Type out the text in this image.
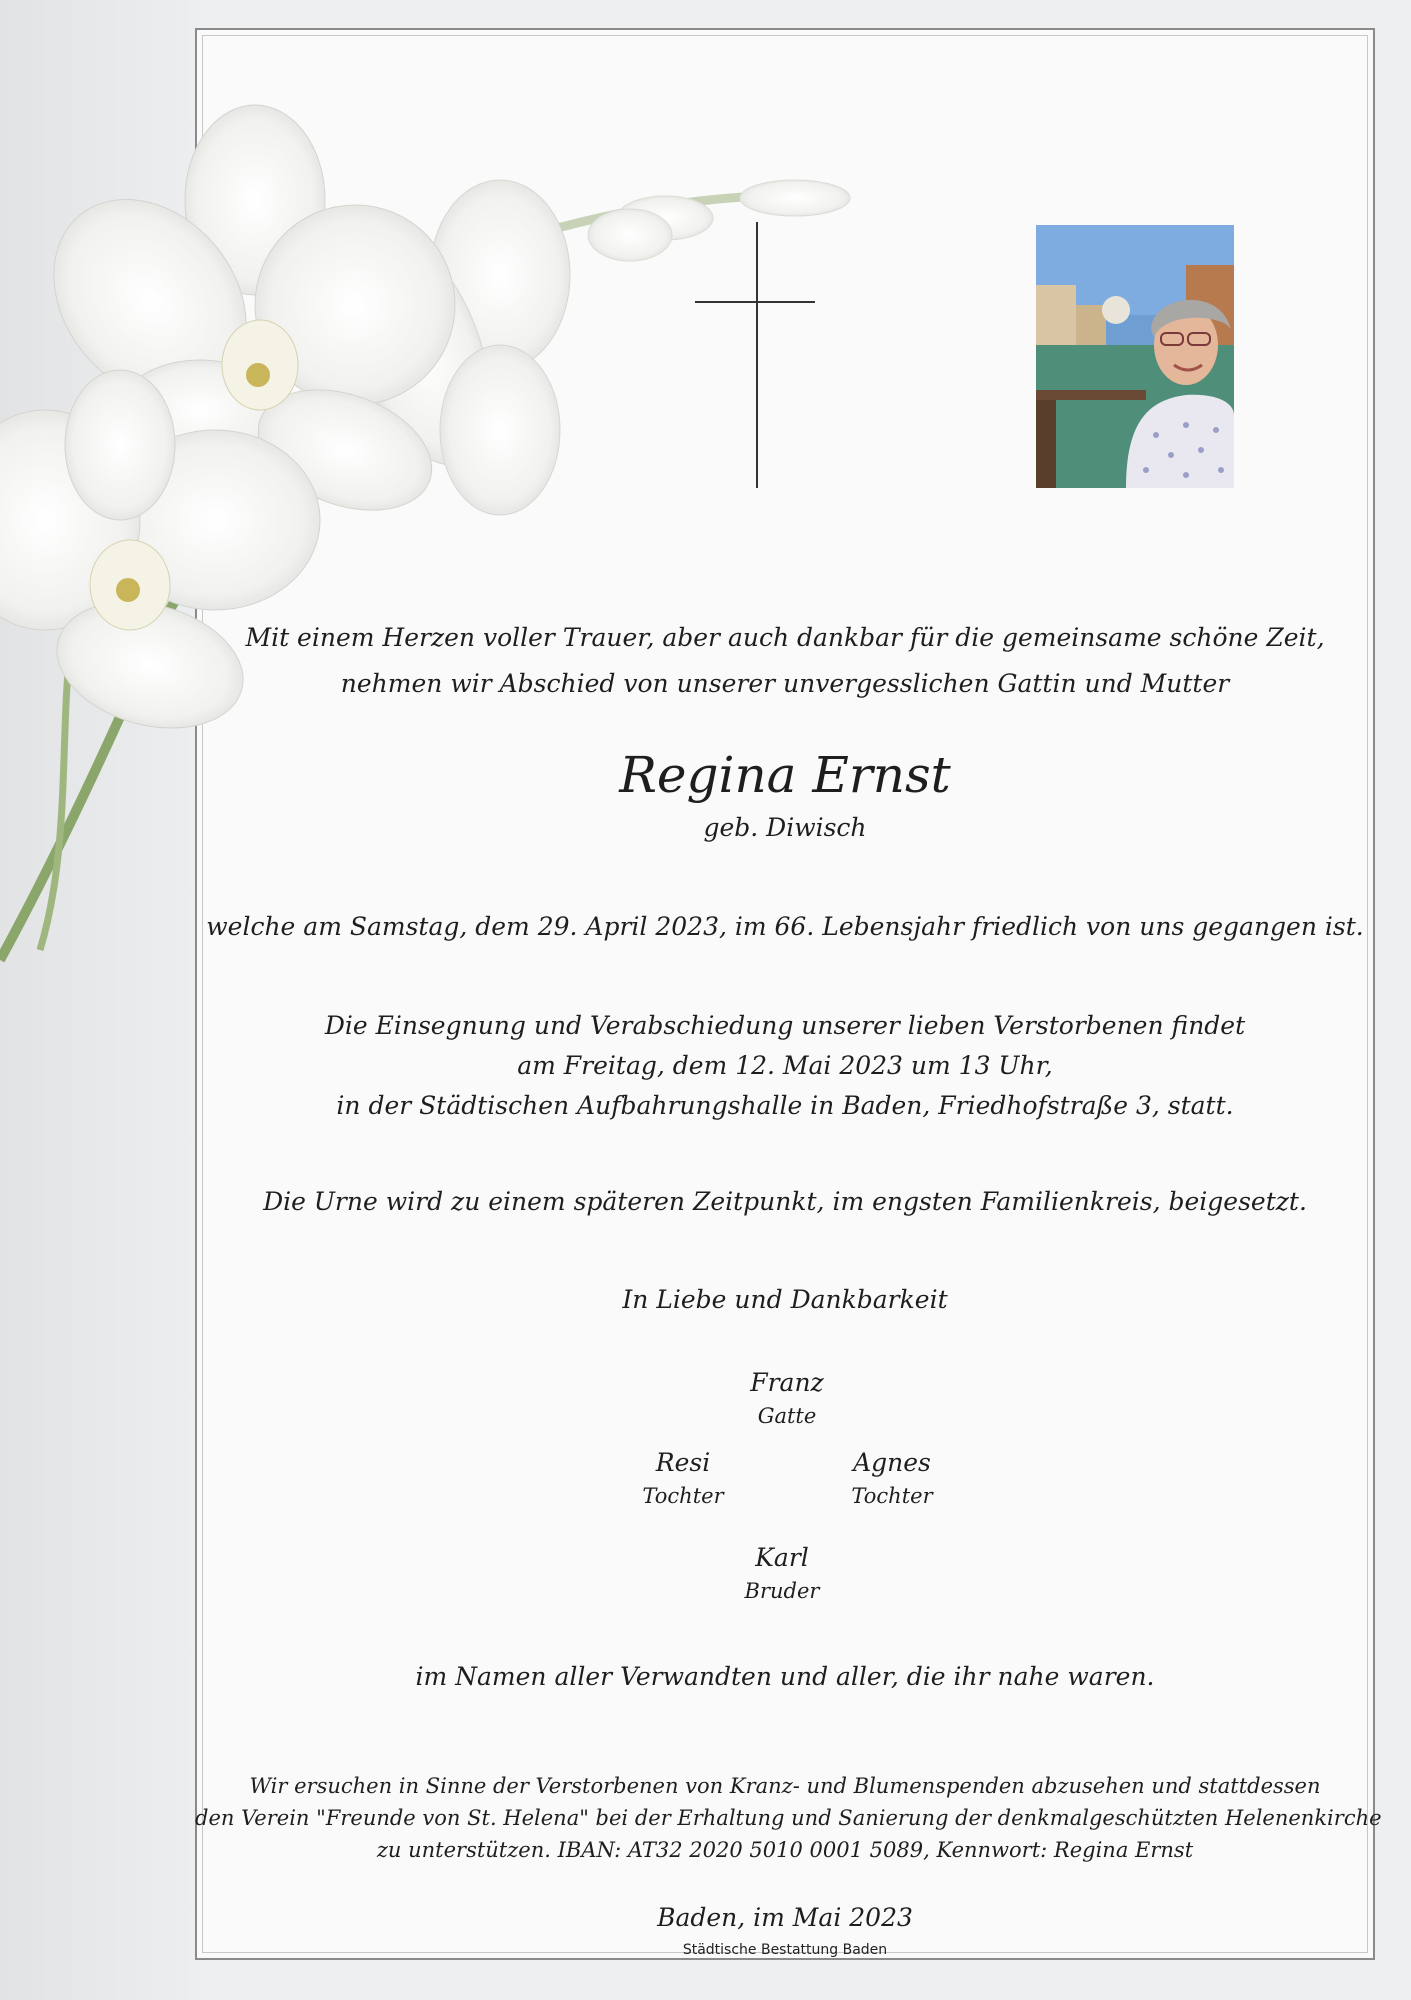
Mit einem Herzen voller Trauer, aber auch dankbar für die gemeinsame schöne Zeit,
nehmen wir Abschied von unserer unvergesslichen Gattin und Mutter
Regina Ernst
geb. Diwisch
welche am Samstag, dem 29. April 2023, im 66. Lebensjahr friedlich von uns gegangen ist.
Die Einsegnung und Verabschiedung unserer lieben Verstorbenen findet
am Freitag, dem 12. Mai 2023 um 13 Uhr,
in der Städtischen Aufbahrungshalle in Baden, Friedhofstraße 3, statt.
Die Urne wird zu einem späteren Zeitpunkt, im engsten Familienkreis, beigesetzt.
In Liebe und Dankbarkeit
Franz
Gatte
Resi
Tochter
Agnes
Tochter
Karl
Bruder
im Namen aller Verwandten und aller, die ihr nahe waren.
Wir ersuchen in Sinne der Verstorbenen von Kranz- und Blumenspenden abzusehen und stattdessen
den Verein "Freunde von St. Helena" bei der Erhaltung und Sanierung der denkmalgeschützten Helenenkirche
zu unterstützen. IBAN: AT32 2020 5010 0001 5089, Kennwort: Regina Ernst
Baden, im Mai 2023
Städtische Bestattung Baden
